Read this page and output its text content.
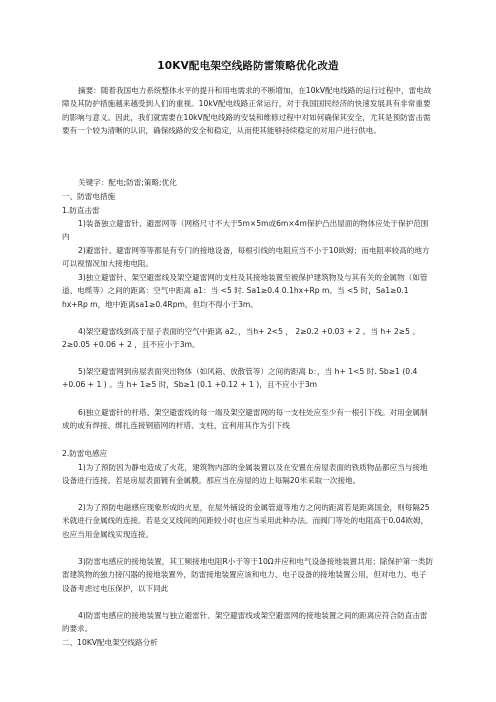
10KV配电架空线路防雷策略优化改造

摘要：随着我国电力系统整体水平的提升和用电需求的不断增加，在10kV配电线路的运行过程中，雷电故障及其防护措施越来越受到人们的重视。10kV配电线路正常运行，对于我国国民经济的快速发展具有非常重要的影响与意义。因此，我们就需要在10kV配电线路的安装和维修过程中对如何确保其安全，尤其是预防雷击需要有一个较为清晰的认识，确保线路的安全和稳定，从而使其能够持续稳定的对用户进行供电。

关键字：配电;防雷;策略;优化

一、防雷电措施

1.防直击雷

1)装备独立避雷针、避雷网等（网格尺寸不大于5m×5m或6m×4m保护凸出屋面的物体应处于保护范围内

2)避雷针、避雷网等等都是有专门的接地设备，每根引线的电阻应当不小于10欧姆；而电阻率较高的地方可以视情况加大接地电阻。

3)独立避雷针、架空避雷线及架空避雷网的支柱及其接地装置至被保护建筑物及与其有关的金属物（如管道、电缆等）之间的距离：空气中距离 a1：当 <5 时. Sa1≥0.4 0.1hx+Rp m。当 <5 时，Sa1≥0.1 hx+Rp m，地中距离sa1≥0.4Rpm，但均不得小于3m。

4)架空避雷线到高于屋子表面的空气中距离 a2。，当h+ 2<5 ， 2≥0.2 +0.03 + 2 。当 h+ 2≥5 。 2≥0.05 +0.06 + 2 ，且不应小于3m。

5)架空避雷网到房屋表面突出物体（如风箱、放散管等）之间的距离 b：，当 h+ 1<5 时. Sb≥1 (0.4 +0.06 + 1 ) 。当 h+ 1≥5 时，Sb≥1 (0.1 +0.12 + 1 )，且不应小于3m

6)独立避雷针的杆塔、架空避雷线的每一端及架空避雷网的每一支柱处应至少有一根引下线。对用金属制成的或有焊接、绑扎连接钢筋网的杆塔、支柱，宜利用其作为引下线

2.防雷电感应

1)为了预防因为静电造成了火花，建筑物内部的金属装置以及在安置在房屋表面的铁质物品都应当与接地设备进行连接。若是房屋表面镀有金属膜。那应当在房屋的边上每隔20米采取一次接地。

2)为了预防电磁感应现象形成的火星，在屋外铺设的金属管道等地方之间的距离若是距离国金，则每隔25米就进行金属线的连接。若是交叉线间的间距较小时也应当采用此种办法。而阀门等处的电阻高于0.04欧姆，也应当用金属线实现连接。

3)防雷电感应的接地装置，其工频接地电阻R小于等于10Ω并应和电气设备接地装置共用；除保护第一类防雷建筑物的独力接闪器的接地装置外，防雷接地装置应该和电力、电子设备的接地装置公用，但对电力、电子设备考虑过电压保护，以下同此

4)防雷电感应的接地装置与独立避雷针、架空避雷线或架空避雷网的接地装置之间的距离应符合防直击雷的要求。

二、10KV配电架空线路分析
